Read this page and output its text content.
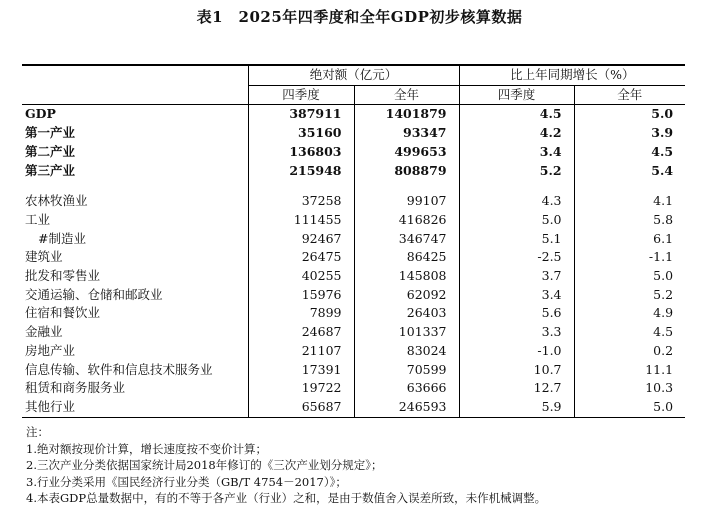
表1　2025年四季度和全年GDP初步核算数据
	绝对额（亿元）		比上年同期增长（%）	
	四季度	全年	四季度	全年
GDP	387911	1401879	4.5	5.0
第一产业	35160	93347	4.2	3.9
第二产业	136803	499653	3.4	4.5
第三产业	215948	808879	5.2	5.4

农林牧渔业	37258	99107	4.3	4.1
工业	111455	416826	5.0	5.8
#制造业	92467	346747	5.1	6.1
建筑业	26475	86425	-2.5	-1.1
批发和零售业	40255	145808	3.7	5.0
交通运输、仓储和邮政业	15976	62092	3.4	5.2
住宿和餐饮业	7899	26403	5.6	4.9
金融业	24687	101337	3.3	4.5
房地产业	21107	83024	-1.0	0.2
信息传输、软件和信息技术服务业	17391	70599	10.7	11.1
租赁和商务服务业	19722	63666	12.7	10.3
其他行业	65687	246593	5.9	5.0
注：
1.绝对额按现价计算，增长速度按不变价计算；
2.三次产业分类依据国家统计局2018年修订的《三次产业划分规定》；
3.行业分类采用《国民经济行业分类（GB/T 4754－2017）》；
4.本表GDP总量数据中，有的不等于各产业（行业）之和，是由于数值舍入误差所致，未作机械调整。
